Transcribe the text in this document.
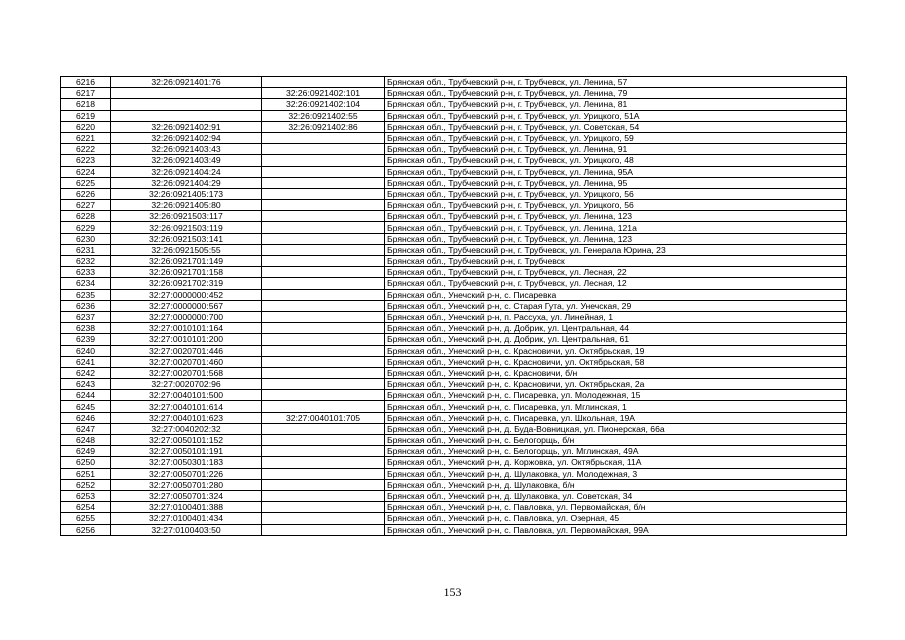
6216	32:26:0921401:76		Брянская обл., Трубчевский р-н, г. Трубчевск, ул. Ленина, 57
6217		32:26:0921402:101	Брянская обл., Трубчевский р-н, г. Трубчевск, ул. Ленина, 79
6218		32:26:0921402:104	Брянская обл., Трубчевский р-н, г. Трубчевск, ул. Ленина, 81
6219		32:26:0921402:55	Брянская обл., Трубчевский р-н, г. Трубчевск, ул. Урицкого, 51А
6220	32:26:0921402:91	32:26:0921402:86	Брянская обл., Трубчевский р-н, г. Трубчевск, ул. Советская, 54
6221	32:26:0921402:94		Брянская обл., Трубчевский р-н, г. Трубчевск, ул. Урицкого, 59
6222	32:26:0921403:43		Брянская обл., Трубчевский р-н, г. Трубчевск, ул. Ленина, 91
6223	32:26:0921403:49		Брянская обл., Трубчевский р-н, г. Трубчевск, ул. Урицкого, 48
6224	32:26:0921404:24		Брянская обл., Трубчевский р-н, г. Трубчевск, ул. Ленина, 95А
6225	32:26:0921404:29		Брянская обл., Трубчевский р-н, г. Трубчевск, ул. Ленина, 95
6226	32:26:0921405:173		Брянская обл., Трубчевский р-н, г. Трубчевск, ул. Урицкого, 56
6227	32:26:0921405:80		Брянская обл., Трубчевский р-н, г. Трубчевск, ул. Урицкого, 56
6228	32:26:0921503:117		Брянская обл., Трубчевский р-н, г. Трубчевск, ул. Ленина, 123
6229	32:26:0921503:119		Брянская обл., Трубчевский р-н, г. Трубчевск, ул. Ленина, 121а
6230	32:26:0921503:141		Брянская обл., Трубчевский р-н, г. Трубчевск, ул. Ленина, 123
6231	32:26:0921505:55		Брянская обл., Трубчевский р-н, г. Трубчевск, ул. Генерала Юрина, 23
6232	32:26:0921701:149		Брянская обл., Трубчевский р-н, г. Трубчевск
6233	32:26:0921701:158		Брянская обл., Трубчевский р-н, г. Трубчевск, ул. Лесная, 22
6234	32:26:0921702:319		Брянская обл., Трубчевский р-н, г. Трубчевск, ул. Лесная, 12
6235	32:27:0000000:452		Брянская обл., Унечский р-н, с. Писаревка
6236	32:27:0000000:567		Брянская обл., Унечский р-н, с. Старая Гута, ул. Унечская, 29
6237	32:27:0000000:700		Брянская обл., Унечский р-н, п. Рассуха, ул. Линейная, 1
6238	32:27:0010101:164		Брянская обл., Унечский р-н, д. Добрик, ул. Центральная, 44
6239	32:27:0010101:200		Брянская обл., Унечский р-н, д. Добрик, ул. Центральная, 61
6240	32:27:0020701:446		Брянская обл., Унечский р-н, с. Красновичи, ул. Октябрьская, 19
6241	32:27:0020701:460		Брянская обл., Унечский р-н, с. Красновичи, ул. Октябрьская, 58
6242	32:27:0020701:568		Брянская обл., Унечский р-н, с. Красновичи, б/н
6243	32:27:0020702:96		Брянская обл., Унечский р-н, с. Красновичи, ул. Октябрьская, 2а
6244	32:27:0040101:500		Брянская обл., Унечский р-н, с. Писаревка, ул. Молодежная, 15
6245	32:27:0040101:614		Брянская обл., Унечский р-н, с. Писаревка, ул. Мглинская, 1
6246	32:27:0040101:623	32:27:0040101:705	Брянская обл., Унечский р-н, с. Писаревка, ул. Школьная, 19А
6247	32:27:0040202:32		Брянская обл., Унечский р-н, д. Буда-Вовницкая, ул. Пионерская, 66а
6248	32:27:0050101:152		Брянская обл., Унечский р-н, с. Белогорщь, б/н
6249	32:27:0050101:191		Брянская обл., Унечский р-н, с. Белогорщь, ул. Мглинская, 49А
6250	32:27:0050301:183		Брянская обл., Унечский р-н, д. Коржовка, ул. Октябрьская, 11А
6251	32:27:0050701:226		Брянская обл., Унечский р-н, д. Шулаковка, ул. Молодежная, 3
6252	32:27:0050701:280		Брянская обл., Унечский р-н, д. Шулаковка, б/н
6253	32:27:0050701:324		Брянская обл., Унечский р-н, д. Шулаковка, ул. Советская, 34
6254	32:27:0100401:388		Брянская обл., Унечский р-н, с. Павловка, ул. Первомайская, б/н
6255	32:27:0100401:434		Брянская обл., Унечский р-н, с. Павловка, ул. Озерная, 45
6256	32:27:0100403:50		Брянская обл., Унечский р-н, с. Павловка, ул. Первомайская, 99А
153
